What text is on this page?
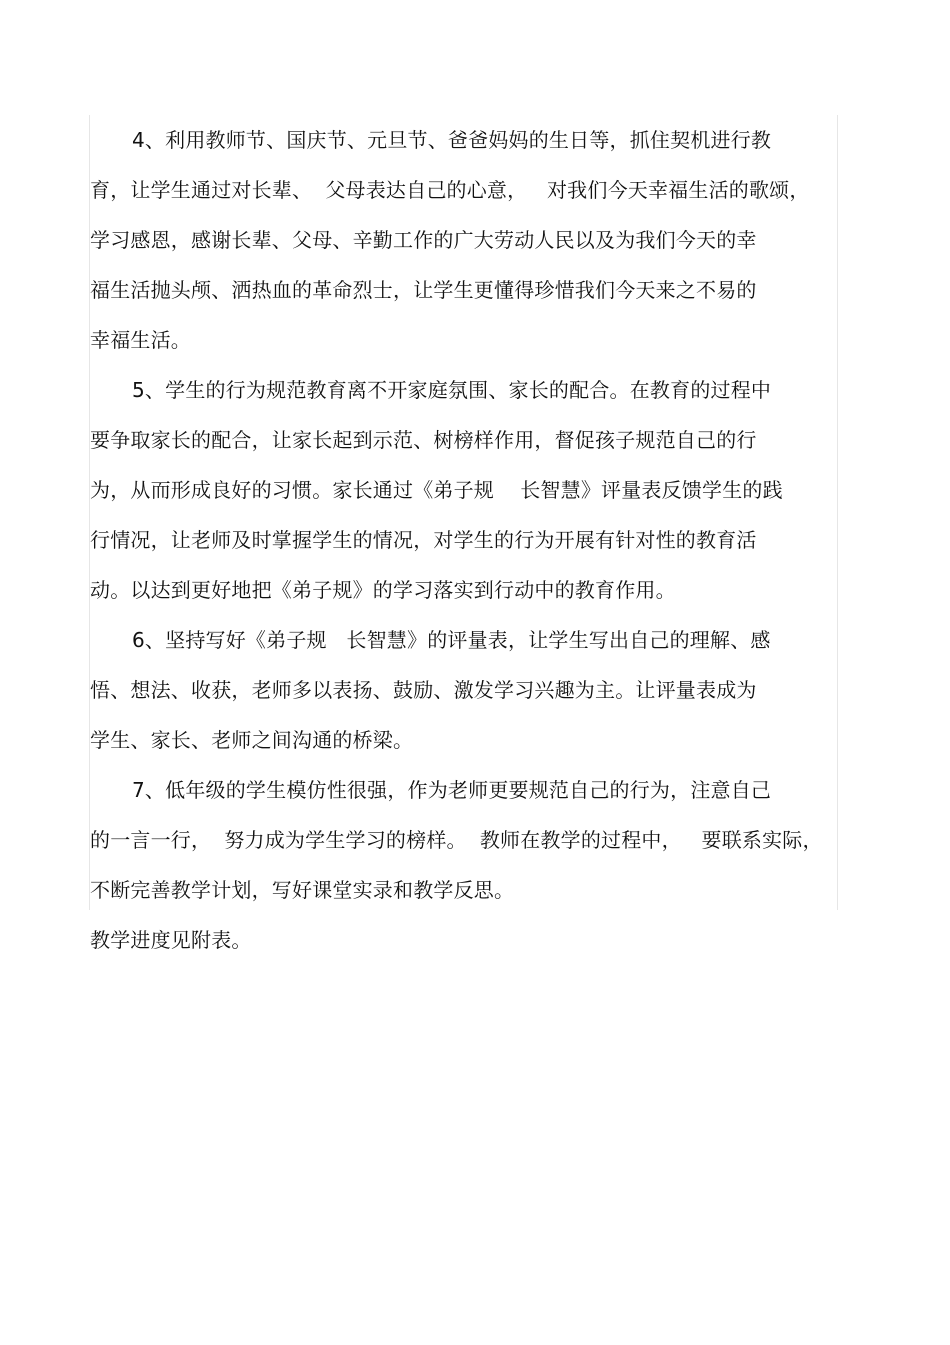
4、利用教师节、国庆节、元旦节、爸爸妈妈的生日等，抓住契机进行教
育，让学生通过对长辈、  父母表达自己的心意，   对我们今天幸福生活的歌颂，
学习感恩，感谢长辈、父母、辛勤工作的广大劳动人民以及为我们今天的幸
福生活抛头颅、洒热血的革命烈士，让学生更懂得珍惜我们今天来之不易的
幸福生活。
5、学生的行为规范教育离不开家庭氛围、家长的配合。在教育的过程中
要争取家长的配合，让家长起到示范、树榜样作用，督促孩子规范自己的行
为，从而形成良好的习惯。家长通过《弟子规    长智慧》评量表反馈学生的践
行情况，让老师及时掌握学生的情况，对学生的行为开展有针对性的教育活
动。以达到更好地把《弟子规》的学习落实到行动中的教育作用。
6、坚持写好《弟子规   长智慧》的评量表，让学生写出自己的理解、感
悟、想法、收获，老师多以表扬、鼓励、激发学习兴趣为主。让评量表成为
学生、家长、老师之间沟通的桥梁。
7、低年级的学生模仿性很强，作为老师更要规范自己的行为，注意自己
的一言一行，  努力成为学生学习的榜样。  教师在教学的过程中，   要联系实际，
不断完善教学计划，写好课堂实录和教学反思。
教学进度见附表。
